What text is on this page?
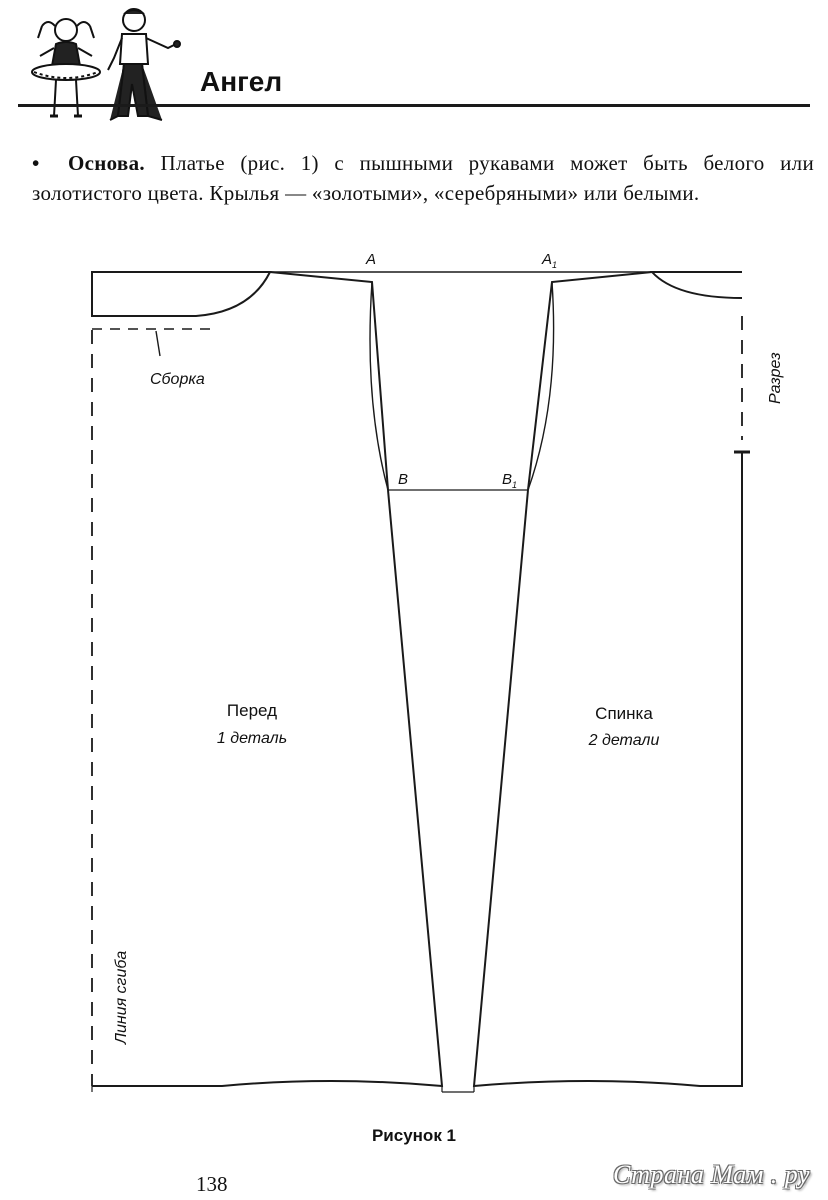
Ангел

• Основа. Платье (рис. 1) с пышными рукавами может быть белого или золотистого цвета. Крылья — «золотыми», «серебряными» или белыми.

A	$A_1$
B	$B_1$
Сборка	Разрез
Линия сгиба
Перед
1 деталь
Спинка
2 детали
Рисунок 1
138	Страна Мам . ру
